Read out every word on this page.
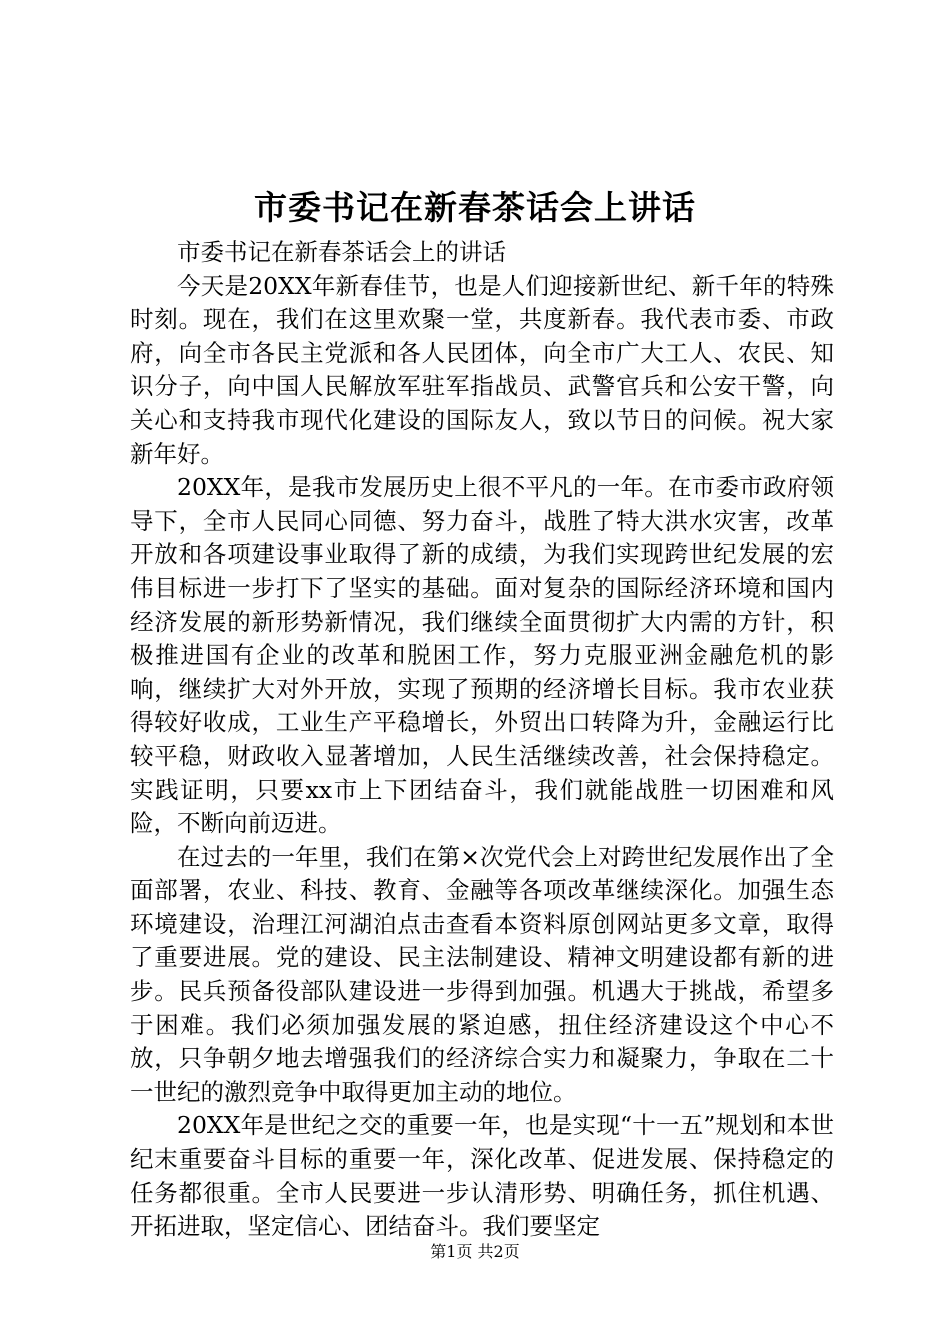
市委书记在新春茶话会上讲话

市委书记在新春茶话会上的讲话

今天是20XX年新春佳节，也是人们迎接新世纪、新千年的特殊时刻。现在，我们在这里欢聚一堂，共度新春。我代表市委、市政府，向全市各民主党派和各人民团体，向全市广大工人、农民、知识分子，向中国人民解放军驻军指战员、武警官兵和公安干警，向关心和支持我市现代化建设的国际友人，致以节日的问候。祝大家新年好。

20XX年，是我市发展历史上很不平凡的一年。在市委市政府领导下，全市人民同心同德、努力奋斗，战胜了特大洪水灾害，改革开放和各项建设事业取得了新的成绩，为我们实现跨世纪发展的宏伟目标进一步打下了坚实的基础。面对复杂的国际经济环境和国内经济发展的新形势新情况，我们继续全面贯彻扩大内需的方针，积极推进国有企业的改革和脱困工作，努力克服亚洲金融危机的影响，继续扩大对外开放，实现了预期的经济增长目标。我市农业获得较好收成，工业生产平稳增长，外贸出口转降为升，金融运行比较平稳，财政收入显著增加，人民生活继续改善，社会保持稳定。实践证明，只要xx市上下团结奋斗，我们就能战胜一切困难和风险，不断向前迈进。

在过去的一年里，我们在第×次党代会上对跨世纪发展作出了全面部署，农业、科技、教育、金融等各项改革继续深化。加强生态环境建设，治理江河湖泊点击查看本资料原创网站更多文章，取得了重要进展。党的建设、民主法制建设、精神文明建设都有新的进步。民兵预备役部队建设进一步得到加强。机遇大于挑战，希望多于困难。我们必须加强发展的紧迫感，扭住经济建设这个中心不放，只争朝夕地去增强我们的经济综合实力和凝聚力，争取在二十一世纪的激烈竞争中取得更加主动的地位。

20XX年是世纪之交的重要一年，也是实现“十一五”规划和本世纪末重要奋斗目标的重要一年，深化改革、促进发展、保持稳定的任务都很重。全市人民要进一步认清形势、明确任务，抓住机遇、开拓进取，坚定信心、团结奋斗。我们要坚定

第1页 共2页
